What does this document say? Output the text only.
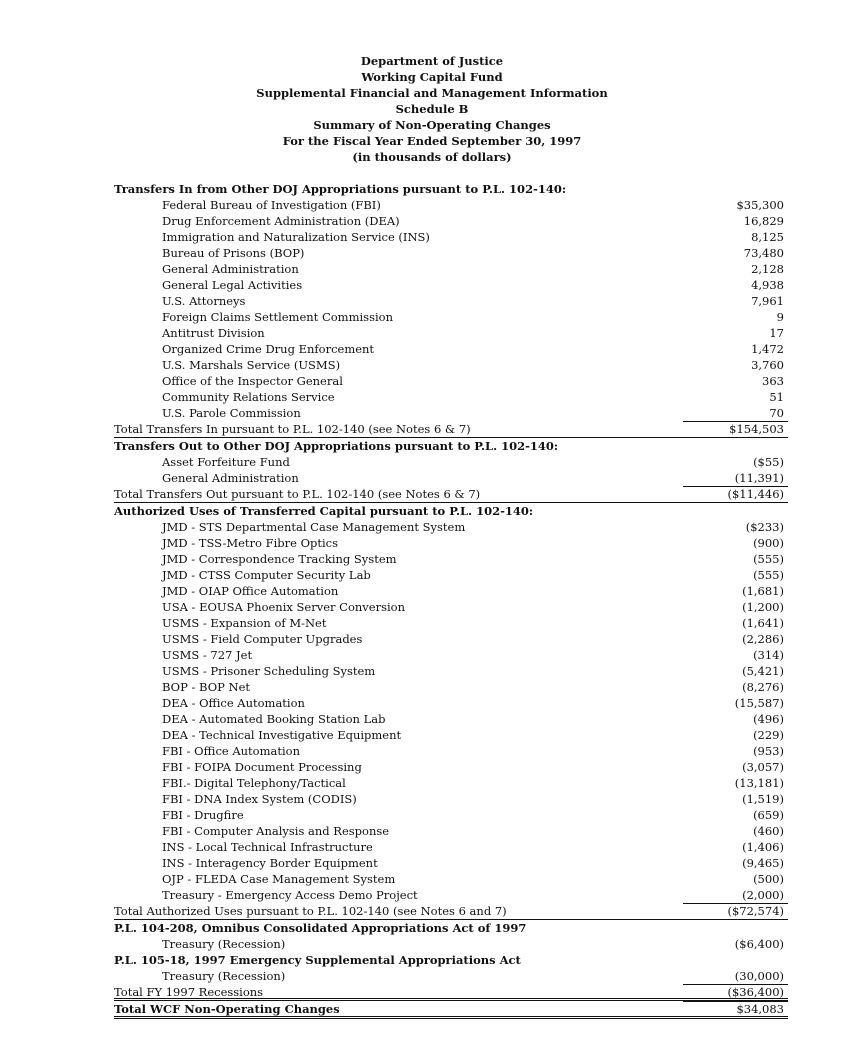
Department of Justice
Working Capital Fund
Supplemental Financial and Management Information
Schedule B
Summary of Non-Operating Changes
For the Fiscal Year Ended September 30, 1997
(in thousands of dollars)
Transfers In from Other DOJ Appropriations pursuant to P.L. 102-140:
Federal Bureau of Investigation (FBI)	$35,300
Drug Enforcement Administration (DEA)	16,829
Immigration and Naturalization Service (INS)	8,125
Bureau of Prisons (BOP)	73,480
General Administration	2,128
General Legal Activities	4,938
U.S. Attorneys	7,961
Foreign Claims Settlement Commission	9
Antitrust Division	17
Organized Crime Drug Enforcement	1,472
U.S. Marshals Service (USMS)	3,760
Office of the Inspector General	363
Community Relations Service	51
U.S. Parole Commission	70
Total Transfers In pursuant to P.L. 102-140 (see Notes 6 & 7)	$154,503
Transfers Out to Other DOJ Appropriations pursuant to P.L. 102-140:
Asset Forfeiture Fund	($55)
General Administration	(11,391)
Total Transfers Out pursuant to P.L. 102-140 (see Notes 6 & 7)	($11,446)
Authorized Uses of Transferred Capital pursuant to P.L. 102-140:
JMD - STS Departmental Case Management System	($233)
JMD - TSS-Metro Fibre Optics	(900)
JMD - Correspondence Tracking System	(555)
JMD - CTSS Computer Security Lab	(555)
JMD - OIAP Office Automation	(1,681)
USA - EOUSA Phoenix Server Conversion	(1,200)
USMS - Expansion of M-Net	(1,641)
USMS - Field Computer Upgrades	(2,286)
USMS - 727 Jet	(314)
USMS - Prisoner Scheduling System	(5,421)
BOP - BOP Net	(8,276)
DEA - Office Automation	(15,587)
DEA - Automated Booking Station Lab	(496)
DEA - Technical Investigative Equipment	(229)
FBI - Office Automation	(953)
FBI - FOIPA Document Processing	(3,057)
FBI.- Digital Telephony/Tactical	(13,181)
FBI - DNA Index System (CODIS)	(1,519)
FBI - Drugfire	(659)
FBI - Computer Analysis and Response	(460)
INS - Local Technical Infrastructure	(1,406)
INS - Interagency Border Equipment	(9,465)
OJP - FLEDA Case Management System	(500)
Treasury - Emergency Access Demo Project	(2,000)
Total Authorized Uses pursuant to P.L. 102-140 (see Notes 6 and 7)	($72,574)
P.L. 104-208, Omnibus Consolidated Appropriations Act of 1997
Treasury (Recession)	($6,400)
P.L. 105-18, 1997 Emergency Supplemental Appropriations Act
Treasury (Recession)	(30,000)
Total FY 1997 Recessions	($36,400)
Total WCF Non-Operating Changes	$34,083
